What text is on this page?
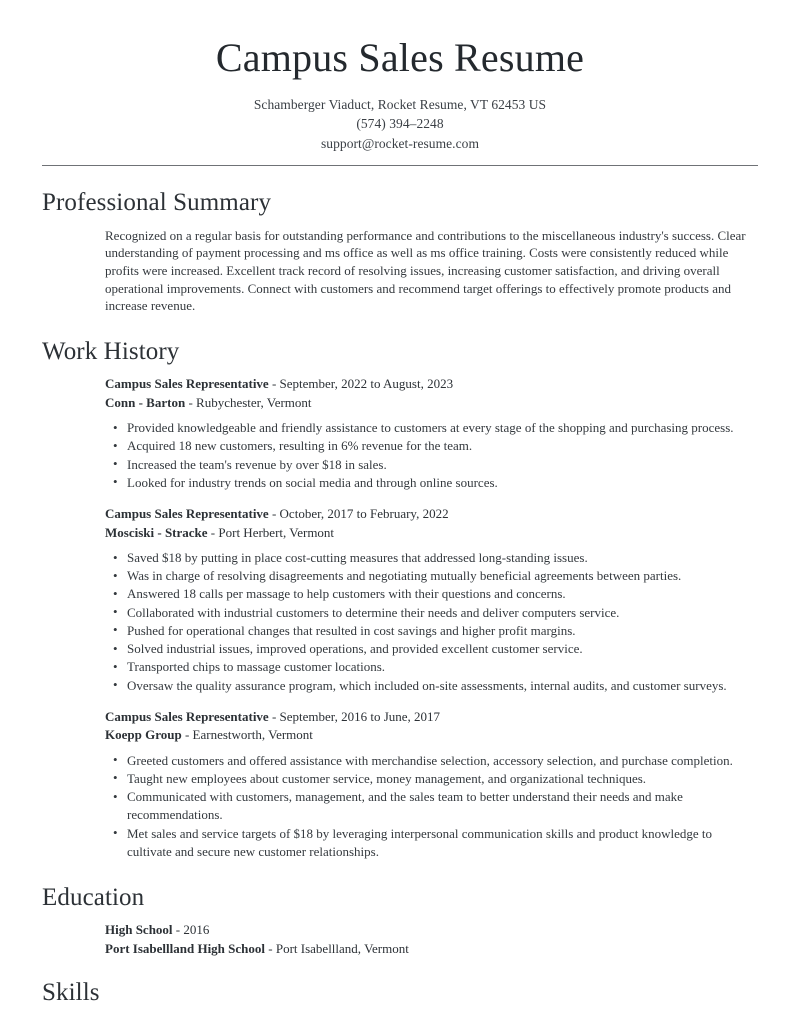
Campus Sales Resume
Schamberger Viaduct, Rocket Resume, VT 62453 US
(574) 394–2248
support@rocket-resume.com
Professional Summary

Recognized on a regular basis for outstanding performance and contributions to the miscellaneous industry's success. Clear understanding of payment processing and ms office as well as ms office training. Costs were consistently reduced while profits were increased. Excellent track record of resolving issues, increasing customer satisfaction, and driving overall operational improvements. Connect with customers and recommend target offerings to effectively promote products and increase revenue.

Work History
Campus Sales Representative - September, 2022 to August, 2023
Conn - Barton - Rubychester, Vermont
• Provided knowledgeable and friendly assistance to customers at every stage of the shopping and purchasing process.
• Acquired 18 new customers, resulting in 6% revenue for the team.
• Increased the team's revenue by over $18 in sales.
• Looked for industry trends on social media and through online sources.
Campus Sales Representative - October, 2017 to February, 2022
Mosciski - Stracke - Port Herbert, Vermont
• Saved $18 by putting in place cost-cutting measures that addressed long-standing issues.
• Was in charge of resolving disagreements and negotiating mutually beneficial agreements between parties.
• Answered 18 calls per massage to help customers with their questions and concerns.
• Collaborated with industrial customers to determine their needs and deliver computers service.
• Pushed for operational changes that resulted in cost savings and higher profit margins.
• Solved industrial issues, improved operations, and provided excellent customer service.
• Transported chips to massage customer locations.
• Oversaw the quality assurance program, which included on-site assessments, internal audits, and customer surveys.
Campus Sales Representative - September, 2016 to June, 2017
Koepp Group - Earnestworth, Vermont
• Greeted customers and offered assistance with merchandise selection, accessory selection, and purchase completion.
• Taught new employees about customer service, money management, and organizational techniques.
• Communicated with customers, management, and the sales team to better understand their needs and make recommendations.
• Met sales and service targets of $18 by leveraging interpersonal communication skills and product knowledge to cultivate and secure new customer relationships.
Education
High School - 2016
Port Isabellland High School - Port Isabellland, Vermont
Skills
